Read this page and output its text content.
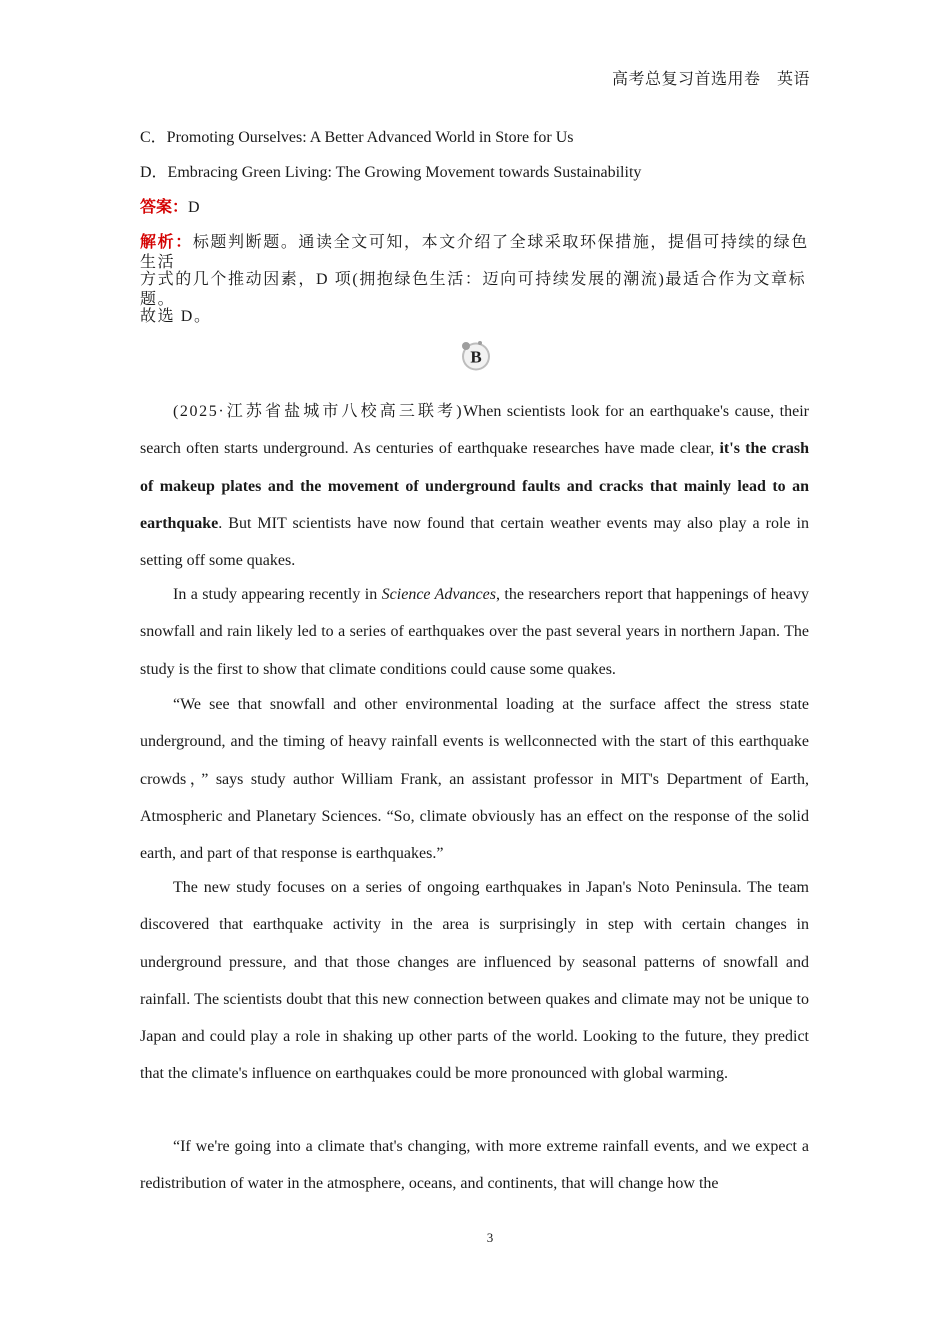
高考总复习首选用卷　英语
C．Promoting Ourselves: A Better Advanced World in Store for Us
D．Embracing Green Living: The Growing Movement towards Sustainability
答案：D
解析：标题判断题。通读全文可知，本文介绍了全球采取环保措施，提倡可持续的绿色生活
方式的几个推动因素，D 项(拥抱绿色生活：迈向可持续发展的潮流)最适合作为文章标题。
故选 D。
B
(2025·江苏省盐城市八校高三联考)When scientists look for an earthquake's cause, their search often starts underground. As centuries of earthquake researches have made clear, it's the crash of makeup plates and the movement of underground faults and cracks that mainly lead to an earthquake. But MIT scientists have now found that certain weather events may also play a role in setting off some quakes.
In a study appearing recently in Science Advances, the researchers report that happenings of heavy snowfall and rain likely led to a series of earthquakes over the past several years in northern Japan. The study is the first to show that climate conditions could cause some quakes.
“We see that snowfall and other environmental loading at the surface affect the stress state underground, and the timing of heavy rainfall events is wellconnected with the start of this earthquake crowds，” says study author William Frank, an assistant professor in MIT's Department of Earth, Atmospheric and Planetary Sciences. “So, climate obviously has an effect on the response of the solid earth, and part of that response is earthquakes.”
The new study focuses on a series of ongoing earthquakes in Japan's Noto Peninsula. The team discovered that earthquake activity in the area is surprisingly in step with certain changes in underground pressure, and that those changes are influenced by seasonal patterns of snowfall and rainfall. The scientists doubt that this new connection between quakes and climate may not be unique to Japan and could play a role in shaking up other parts of the world. Looking to the future, they predict that the climate's influence on earthquakes could be more pronounced with global warming.
“If we're going into a climate that's changing, with more extreme rainfall events, and we expect a redistribution of water in the atmosphere, oceans, and continents, that will change how the
3
